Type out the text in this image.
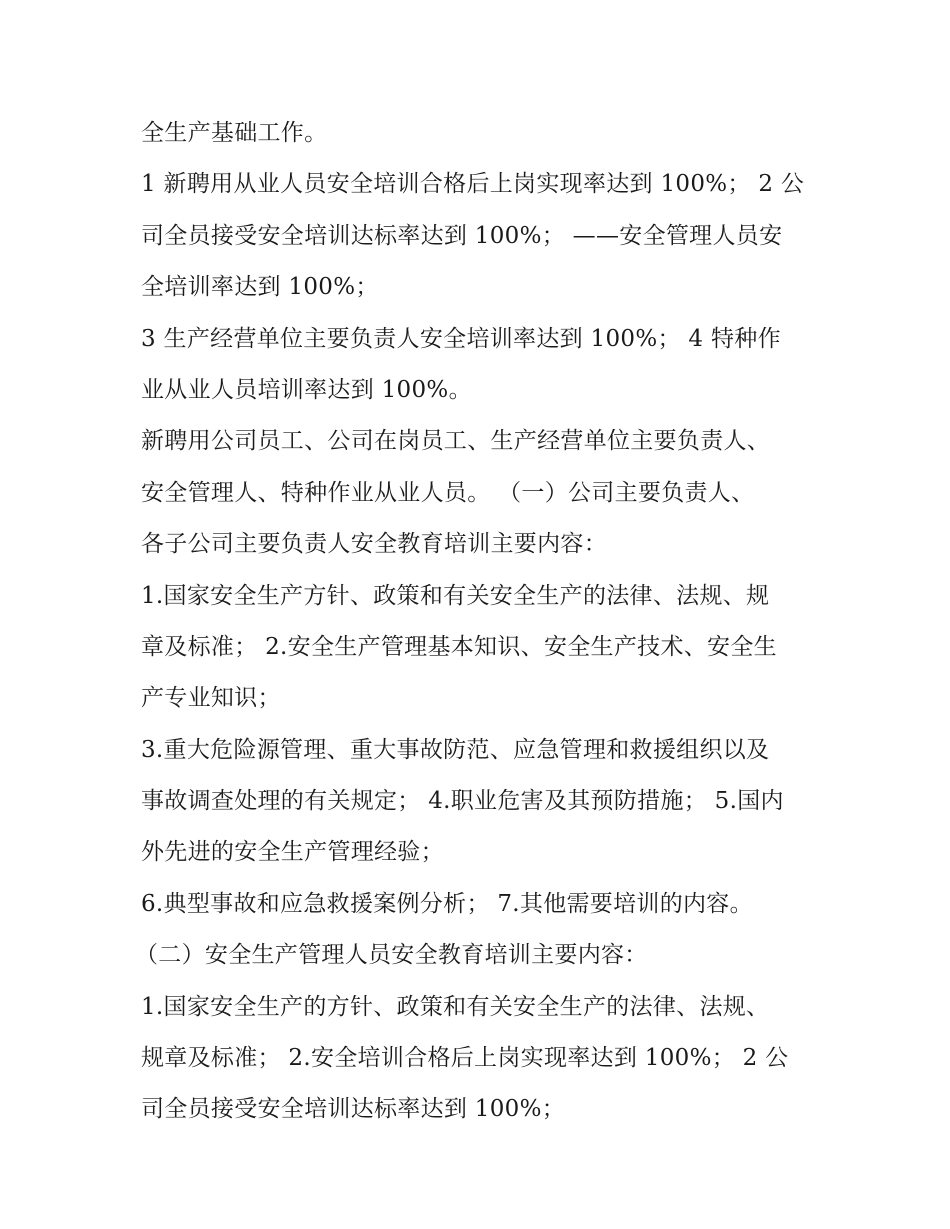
全生产基础工作。
1 新聘用从业人员安全培训合格后上岗实现率达到 100%； 2 公
司全员接受安全培训达标率达到 100%； ——安全管理人员安
全培训率达到 100%；
3 生产经营单位主要负责人安全培训率达到 100%； 4 特种作
业从业人员培训率达到 100%。
新聘用公司员工、公司在岗员工、生产经营单位主要负责人、
安全管理人、特种作业从业人员。 （一）公司主要负责人、
各子公司主要负责人安全教育培训主要内容：
1.国家安全生产方针、政策和有关安全生产的法律、法规、规
章及标准； 2.安全生产管理基本知识、安全生产技术、安全生
产专业知识；
3.重大危险源管理、重大事故防范、应急管理和救援组织以及
事故调查处理的有关规定； 4.职业危害及其预防措施； 5.国内
外先进的安全生产管理经验；
6.典型事故和应急救援案例分析； 7.其他需要培训的内容。
（二）安全生产管理人员安全教育培训主要内容：
1.国家安全生产的方针、政策和有关安全生产的法律、法规、
规章及标准； 2.安全培训合格后上岗实现率达到 100%； 2 公
司全员接受安全培训达标率达到 100%；
